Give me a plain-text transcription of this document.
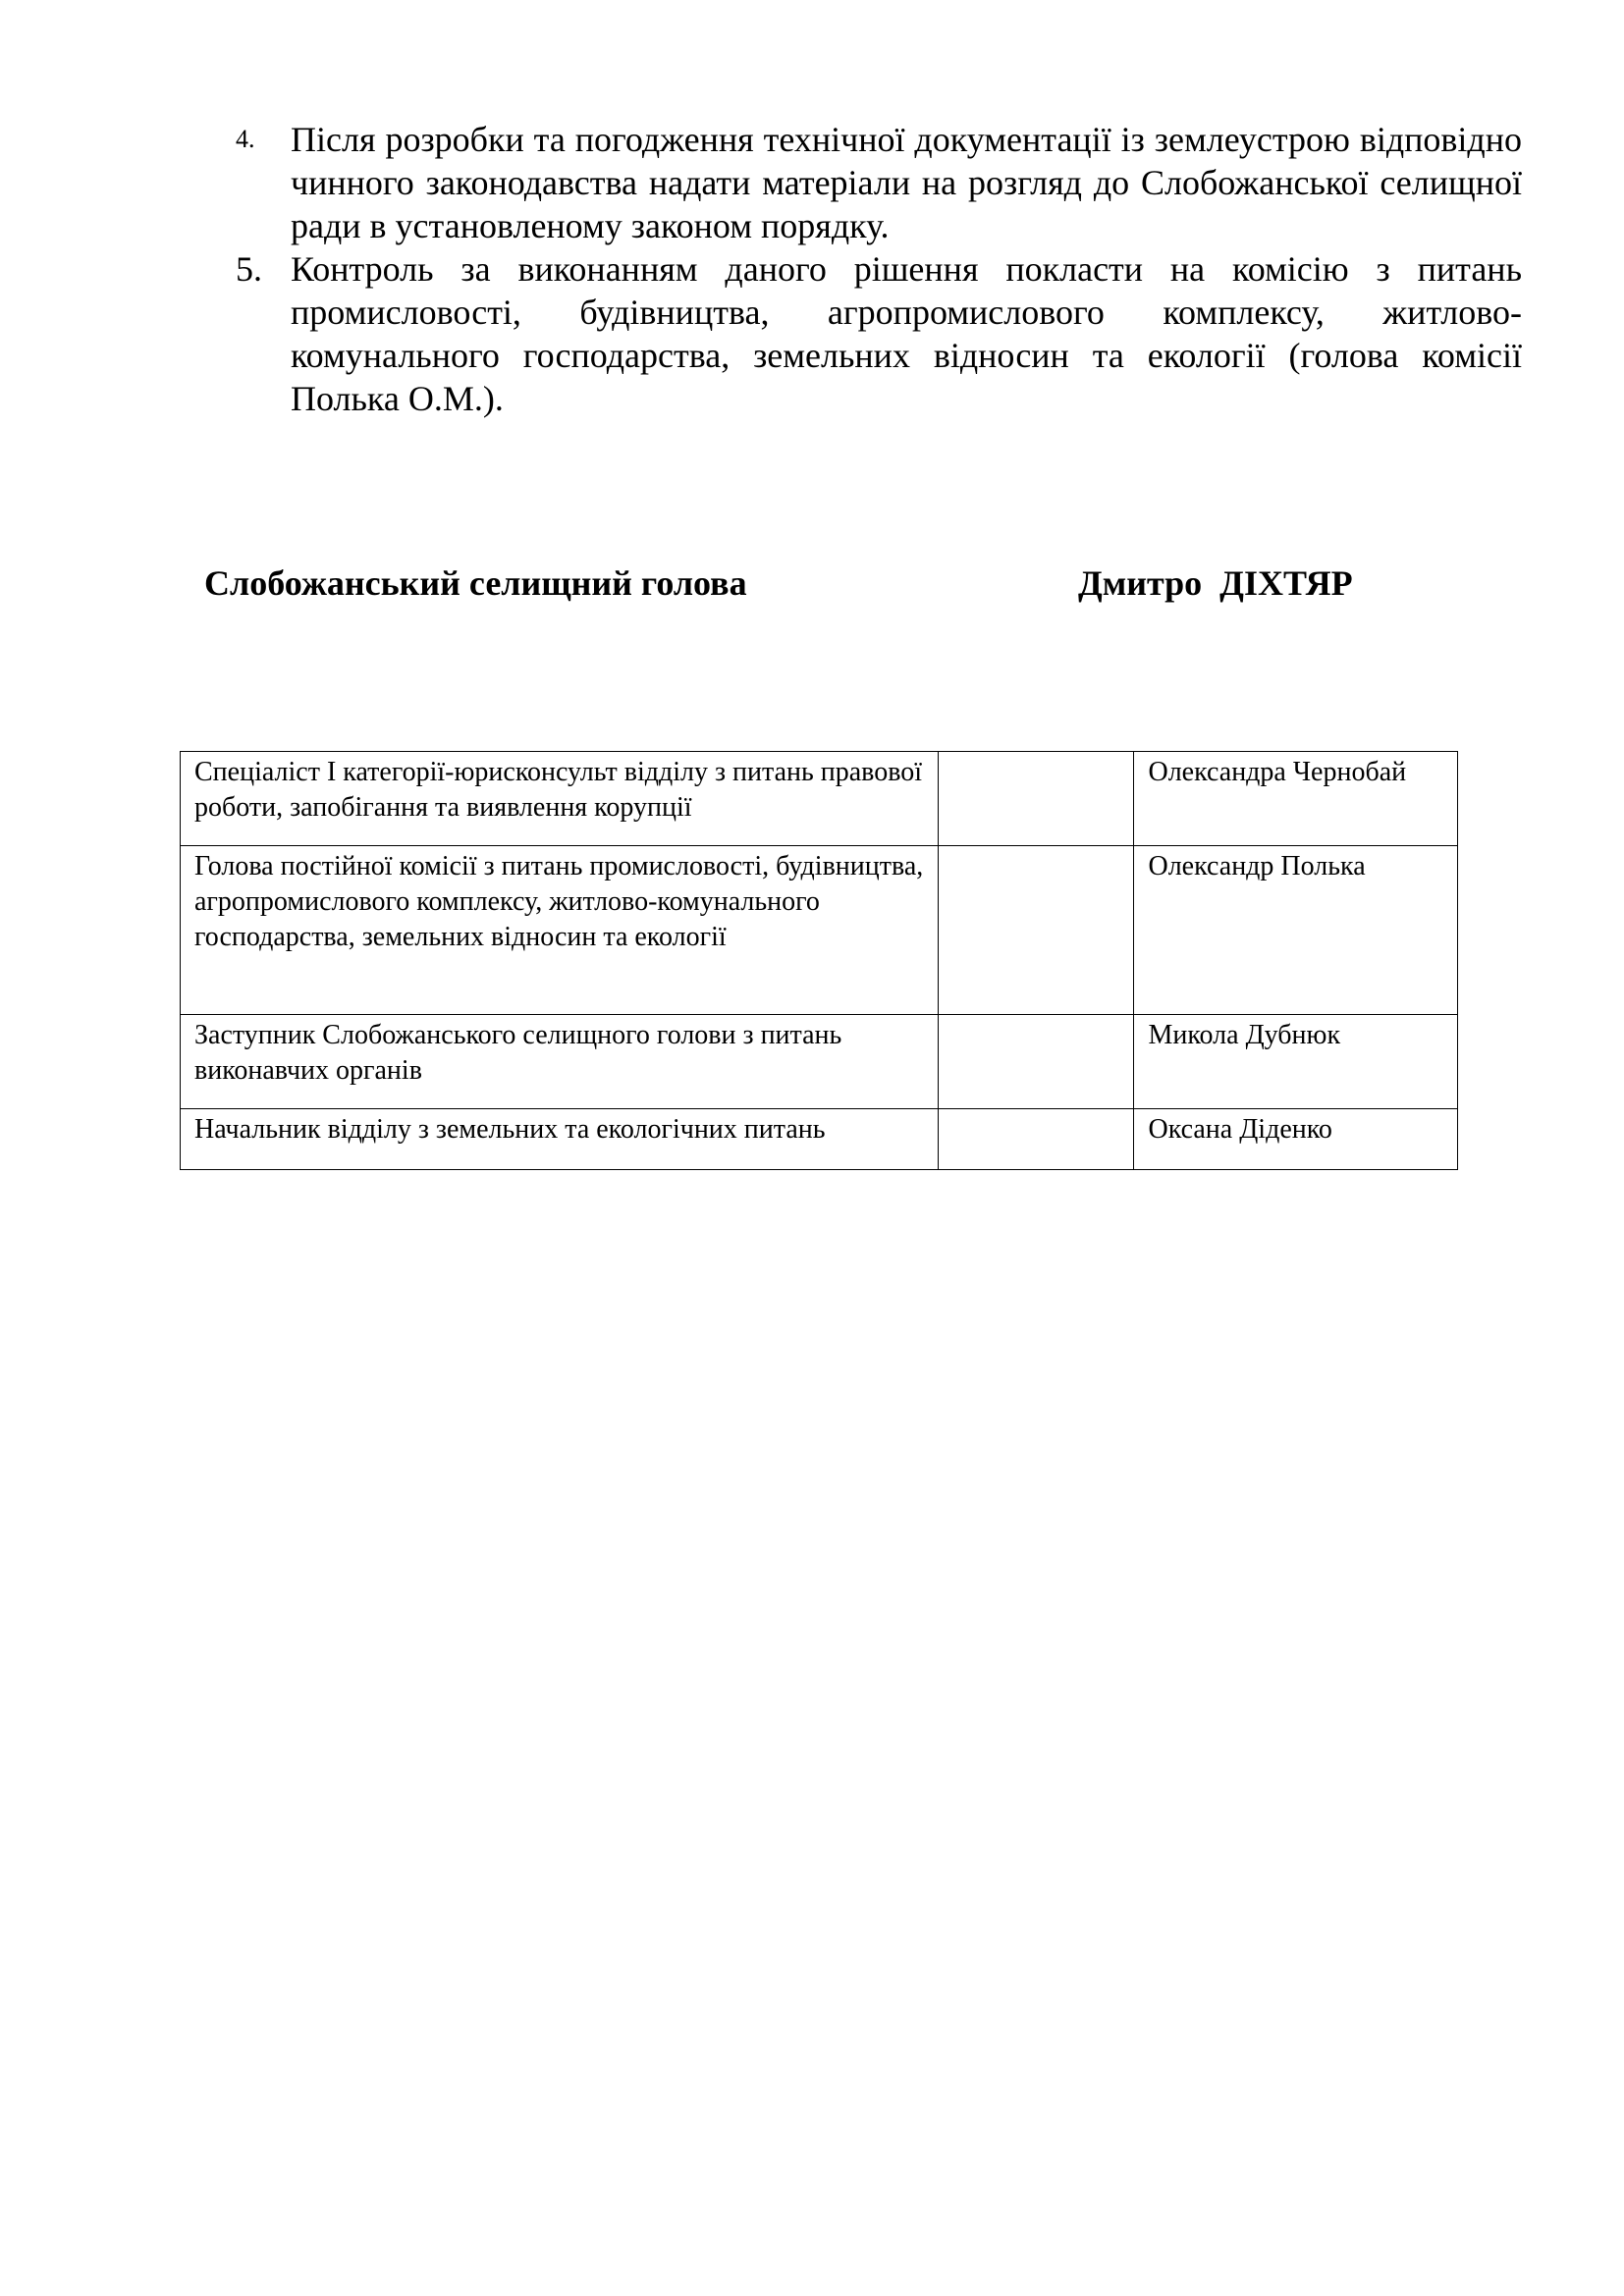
4.	Після розробки та погодження технічної документації із землеустрою відповідно чинного законодавства надати матеріали на розгляд до Слобожанської селищної ради в установленому законом порядку.
5. Контроль за виконанням даного рішення покласти на комісію з питань промисловості, будівництва, агропромислового комплексу, житлово-комунального господарства, земельних відносин та екології (голова комісії Полька О.М.).
Слобожанський селищний голова	Дмитро  ДІХТЯР
Спеціаліст І категорії-юрисконсульт відділу з питань правової роботи, запобігання та виявлення корупції		Олександра Чернобай
Голова постійної комісії з питань промисловості, будівництва, агропромислового комплексу, житлово-комунального господарства, земельних відносин та екології		Олександр Полька
Заступник Слобожанського селищного голови з питань виконавчих органів		Микола Дубнюк
Начальник відділу з земельних та екологічних питань		Оксана Діденко
